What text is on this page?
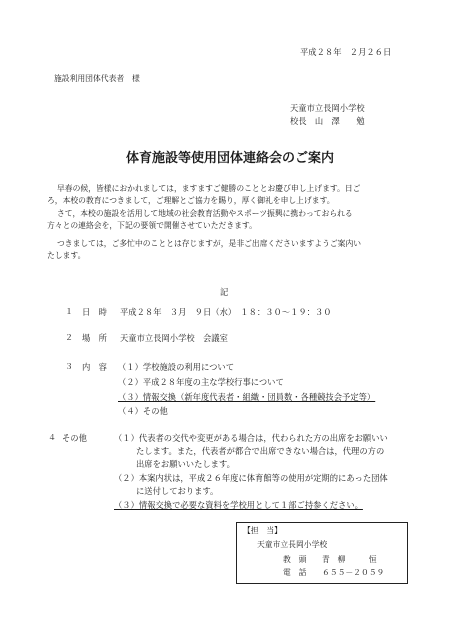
平成２８年　２月２６日
施設利用団体代表者　様
天童市立長岡小学校
校長　山　澤　　勉
体育施設等使用団体連絡会のご案内
早春の候，皆様におかれましては，ますますご健勝のこととお慶び申し上げます。日ご
ろ，本校の教育につきまして，ご理解とご協力を賜り，厚く御礼を申し上げます。
さて，本校の施設を活用して地域の社会教育活動やスポーツ振興に携わっておられる
方々との連絡会を，下記の要領で開催させていただきます。
つきましては，ご多忙中のこととは存じますが，是非ご出席くださいますようご案内い
たします。
記
１ 日　時 平成２８年　３月　９日（水）　１８：３０～１９：３０
２ 場　所 天童市立長岡小学校　会議室
３ 内　容 （１）学校施設の利用について
（２）平成２８年度の主な学校行事について
（３）情報交換（新年度代表者・組織・団員数・各種競技会予定等）
（４）その他
４ その他	（１）代表者の交代や変更がある場合は，代わられた方の出席をお願いい
たします。また，代表者が都合で出席できない場合は，代理の方の
出席をお願いいたします。
（２）本案内状は，平成２６年度に体育館等の使用が定期的にあった団体
に送付しております。
（３）情報交換で必要な資料を学校用として１部ご持参ください。
【担　当】
天童市立長岡小学校
教　頭　　青　柳　　　恒
電　話　　６５５－２０５９
